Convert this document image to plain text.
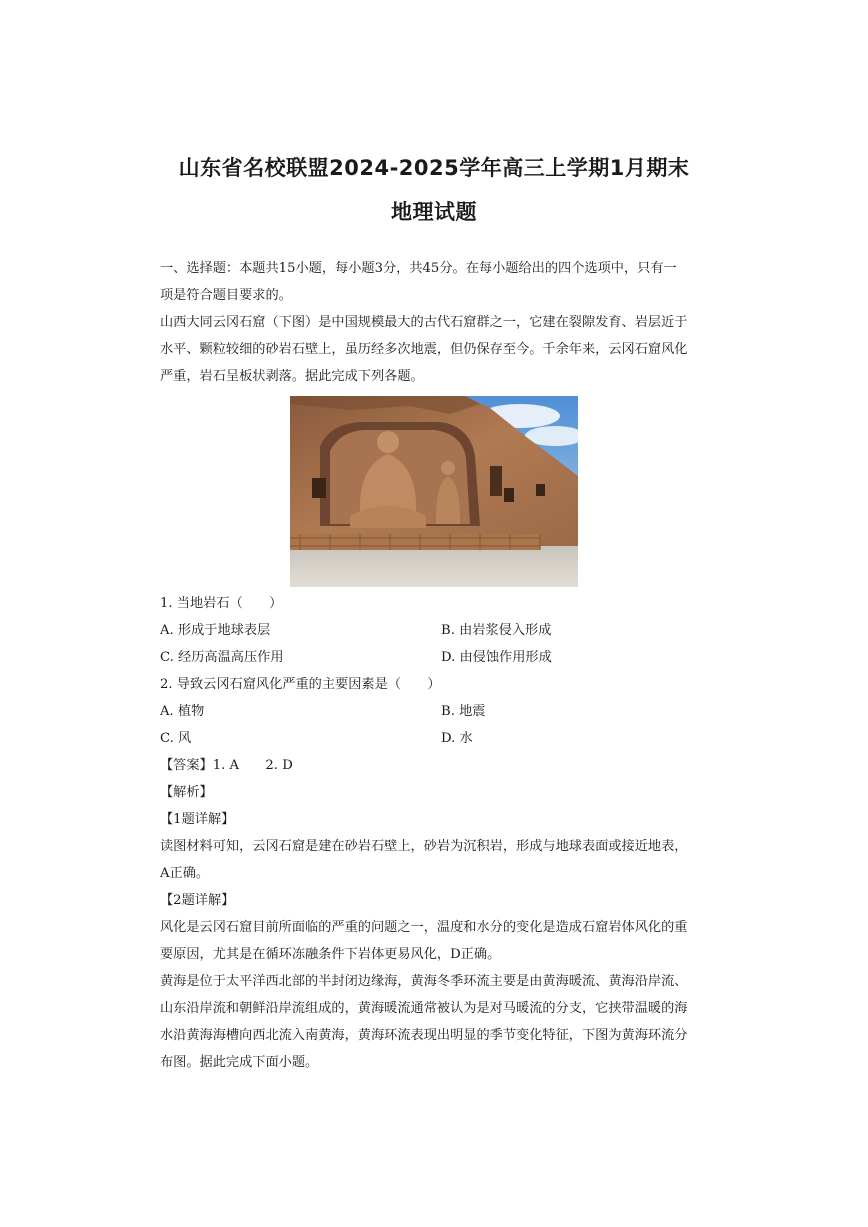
山东省名校联盟2024-2025学年高三上学期1月期末
地理试题
一、选择题：本题共15小题，每小题3分，共45分。在每小题给出的四个选项中，只有一
项是符合题目要求的。
山西大同云冈石窟（下图）是中国规模最大的古代石窟群之一，它建在裂隙发育、岩层近于
水平、颗粒较细的砂岩石壁上，虽历经多次地震，但仍保存至今。千余年来，云冈石窟风化
严重，岩石呈板状剥落。据此完成下列各题。
1. 当地岩石（　　）
A. 形成于地球表层	B. 由岩浆侵入形成
C. 经历高温高压作用	D. 由侵蚀作用形成
2. 导致云冈石窟风化严重的主要因素是（　　）
A. 植物	B. 地震
C. 风	D. 水
【答案】1. A　　2. D
【解析】
【1题详解】
读图材料可知，云冈石窟是建在砂岩石壁上，砂岩为沉积岩，形成与地球表面或接近地表，
A正确。
【2题详解】
风化是云冈石窟目前所面临的严重的问题之一，温度和水分的变化是造成石窟岩体风化的重
要原因，尤其是在循环冻融条件下岩体更易风化，D正确。
黄海是位于太平洋西北部的半封闭边缘海，黄海冬季环流主要是由黄海暖流、黄海沿岸流、
山东沿岸流和朝鲜沿岸流组成的，黄海暖流通常被认为是对马暖流的分支，它挟带温暖的海
水沿黄海海槽向西北流入南黄海，黄海环流表现出明显的季节变化特征，下图为黄海环流分
布图。据此完成下面小题。
